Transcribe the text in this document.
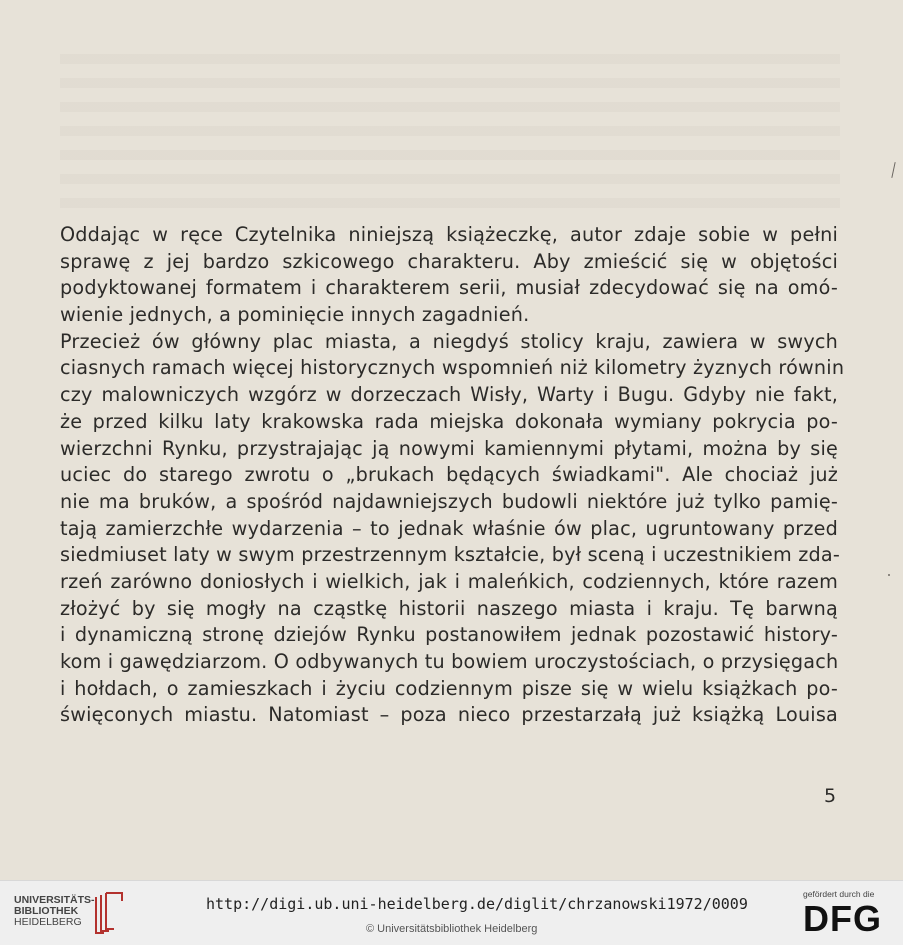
Oddając w ręce Czytelnika niniejszą książeczkę, autor zdaje sobie w pełni
sprawę z jej bardzo szkicowego charakteru. Aby zmieścić się w objętości
podyktowanej formatem i charakterem serii, musiał zdecydować się na omó-
wienie jednych, a pominięcie innych zagadnień.
Przecież ów główny plac miasta, a niegdyś stolicy kraju, zawiera w swych
ciasnych ramach więcej historycznych wspomnień niż kilometry żyznych równin
czy malowniczych wzgórz w dorzeczach Wisły, Warty i Bugu. Gdyby nie fakt,
że przed kilku laty krakowska rada miejska dokonała wymiany pokrycia po-
wierzchni Rynku, przystrajając ją nowymi kamiennymi płytami, można by się
uciec do starego zwrotu o „brukach będących świadkami". Ale chociaż już
nie ma bruków, a spośród najdawniejszych budowli niektóre już tylko pamię-
tają zamierzchłe wydarzenia – to jednak właśnie ów plac, ugruntowany przed
siedmiuset laty w swym przestrzennym kształcie, był sceną i uczestnikiem zda-
rzeń zarówno doniosłych i wielkich, jak i maleńkich, codziennych, które razem
złożyć by się mogły na cząstkę historii naszego miasta i kraju. Tę barwną
i dynamiczną stronę dziejów Rynku postanowiłem jednak pozostawić history-
kom i gawędziarzom. O odbywanych tu bowiem uroczystościach, o przysięgach
i hołdach, o zamieszkach i życiu codziennym pisze się w wielu książkach po-
święconych miastu. Natomiast – poza nieco przestarzałą już książką Louisa
5
UNIVERSITÄTS-
BIBLIOTHEK
HEIDELBERG
http://digi.ub.uni-heidelberg.de/diglit/chrzanowski1972/0009
© Universitätsbibliothek Heidelberg
gefördert durch die
DFG
